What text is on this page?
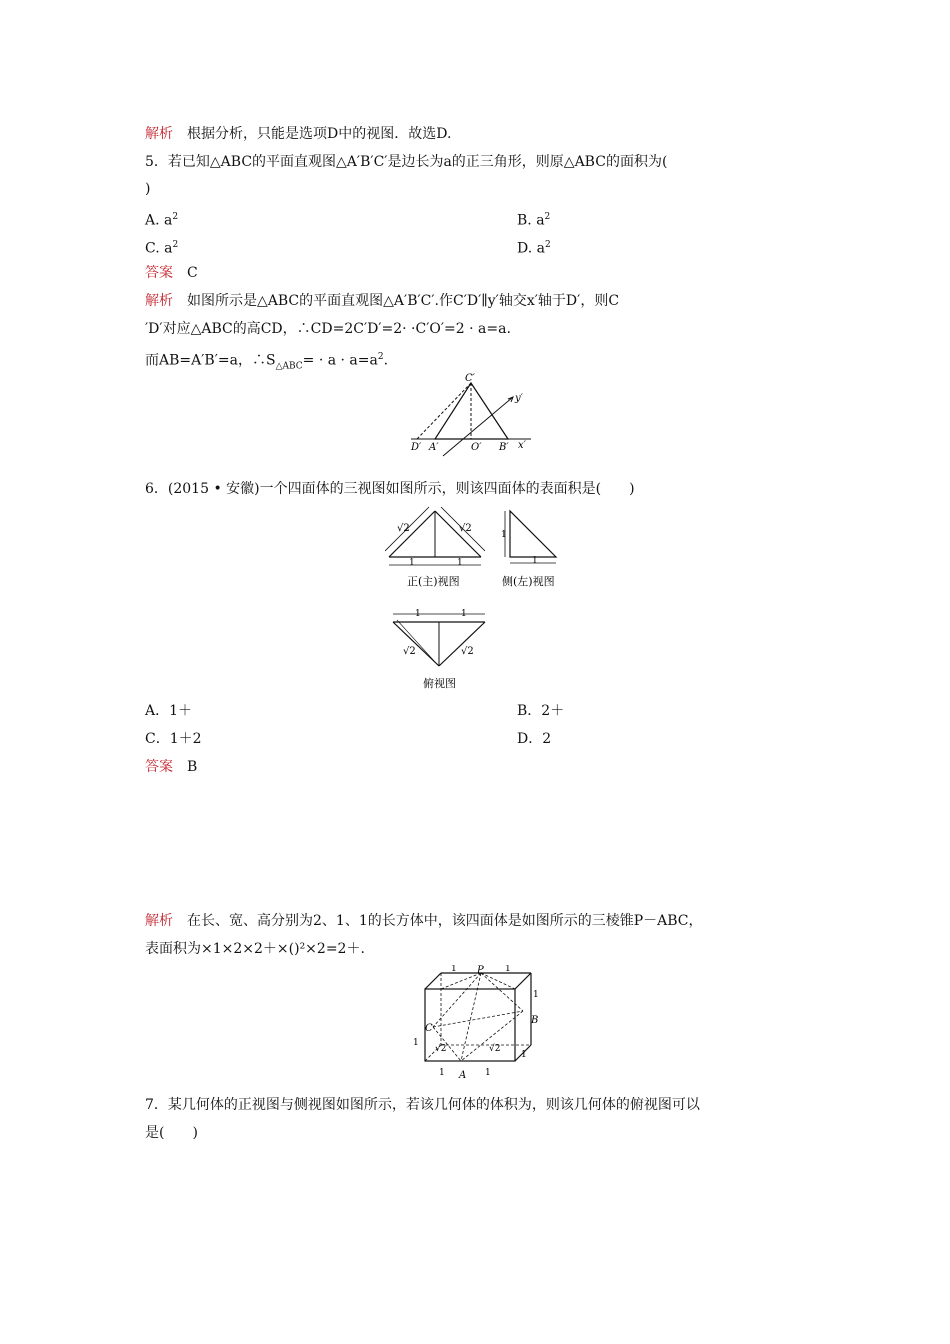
解析 根据分析，只能是选项D中的视图．故选D.
5．若已知△ABC的平面直观图△A′B′C′是边长为a的正三角形，则原△ABC的面积为(
)
A. $a^2$	B. $a^2$
C. $a^2$	D. $a^2$
答案 C
解析 如图所示是△ABC的平面直观图△A′B′C′.作C′D′∥y′轴交x′轴于D′，则C
′D′对应△ABC的高CD，∴CD=2C′D′=2· ·C′O′=2 · a=a.
而AB=A′B′=a，$\therefore S_{\triangle ABC}= \cdot a \cdot a=a^2$.
C′
y′
D′ A′	O′ B′ x′
6．(2015 • 安徽)一个四面体的三视图如图所示，则该四面体的表面积是(　　)
√2	√2
1	1
正(主)视图
1
1
侧(左)视图
1	1
√2	√2
俯视图
A．1＋	B．2＋
C．1＋2	D．2
答案 B
解析 在长、宽、高分别为2、1、1的长方体中，该四面体是如图所示的三棱锥P－ABC，
表面积为×1×2×2＋×()²×2=2＋.
P
C
B
A
1	1
1
1
1
1	1
√2	√2
7．某几何体的正视图与侧视图如图所示，若该几何体的体积为，则该几何体的俯视图可以
是(　　)
